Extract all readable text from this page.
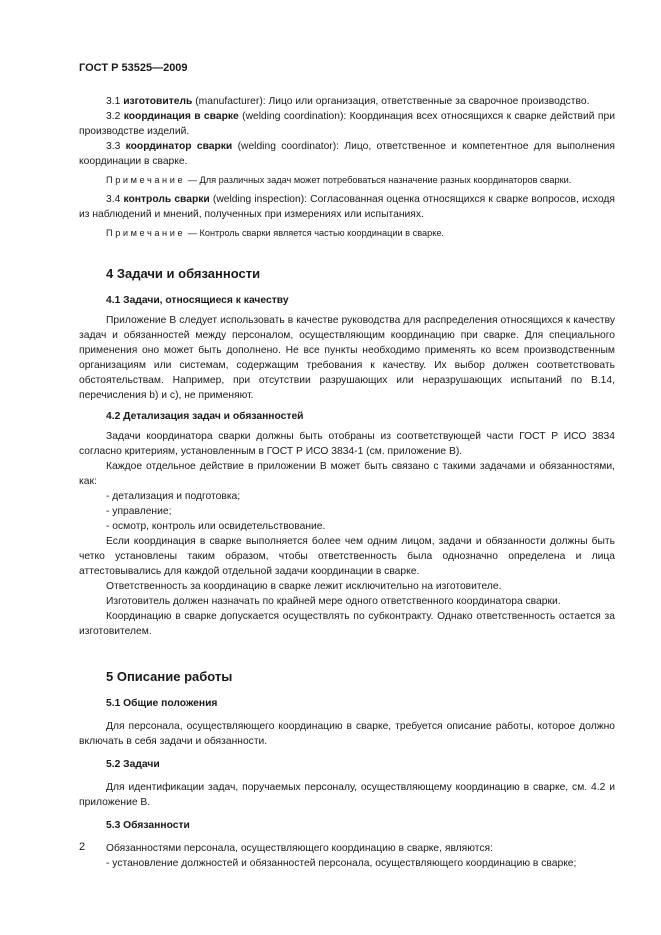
ГОСТ Р 53525—2009

3.1 изготовитель (manufacturer): Лицо или организация, ответственные за сварочное производство.

3.2 координация в сварке (welding coordination): Координация всех относящихся к сварке действий при производстве изделий.

3.3 координатор сварки (welding coordinator): Лицо, ответственное и компетентное для выполнения координации в сварке.

Примечание — Для различных задач может потребоваться назначение разных координаторов сварки.

3.4 контроль сварки (welding inspection): Согласованная оценка относящихся к сварке вопросов, исходя из наблюдений и мнений, полученных при измерениях или испытаниях.

Примечание — Контроль сварки является частью координации в сварке.

4 Задачи и обязанности
4.1 Задачи, относящиеся к качеству

Приложение В следует использовать в качестве руководства для распределения относящихся к качеству задач и обязанностей между персоналом, осуществляющим координацию при сварке. Для специального применения оно может быть дополнено. Не все пункты необходимо применять ко всем производственным организациям или системам, содержащим требования к качеству. Их выбор должен соответствовать обстоятельствам. Например, при отсутствии разрушающих или неразрушающих испытаний по В.14, перечисления b) и с), не применяют.

4.2 Детализация задач и обязанностей

Задачи координатора сварки должны быть отобраны из соответствующей части ГОСТ Р ИСО 3834 согласно критериям, установленным в ГОСТ Р ИСО 3834-1 (см. приложение В).

Каждое отдельное действие в приложении В может быть связано с такими задачами и обязанностями, как:

- детализация и подготовка;

- управление;

- осмотр, контроль или освидетельствование.

Если координация в сварке выполняется более чем одним лицом, задачи и обязанности должны быть четко установлены таким образом, чтобы ответственность была однозначно определена и лица аттестовывались для каждой отдельной задачи координации в сварке.

Ответственность за координацию в сварке лежит исключительно на изготовителе.

Изготовитель должен назначать по крайней мере одного ответственного координатора сварки.

Координацию в сварке допускается осуществлять по субконтракту. Однако ответственность остается за изготовителем.

5 Описание работы
5.1 Общие положения

Для персонала, осуществляющего координацию в сварке, требуется описание работы, которое должно включать в себя задачи и обязанности.

5.2 Задачи

Для идентификации задач, поручаемых персоналу, осуществляющему координацию в сварке, см. 4.2 и приложение В.

5.3 Обязанности

Обязанностями персонала, осуществляющего координацию в сварке, являются:

- установление должностей и обязанностей персонала, осуществляющего координацию в сварке;

2
